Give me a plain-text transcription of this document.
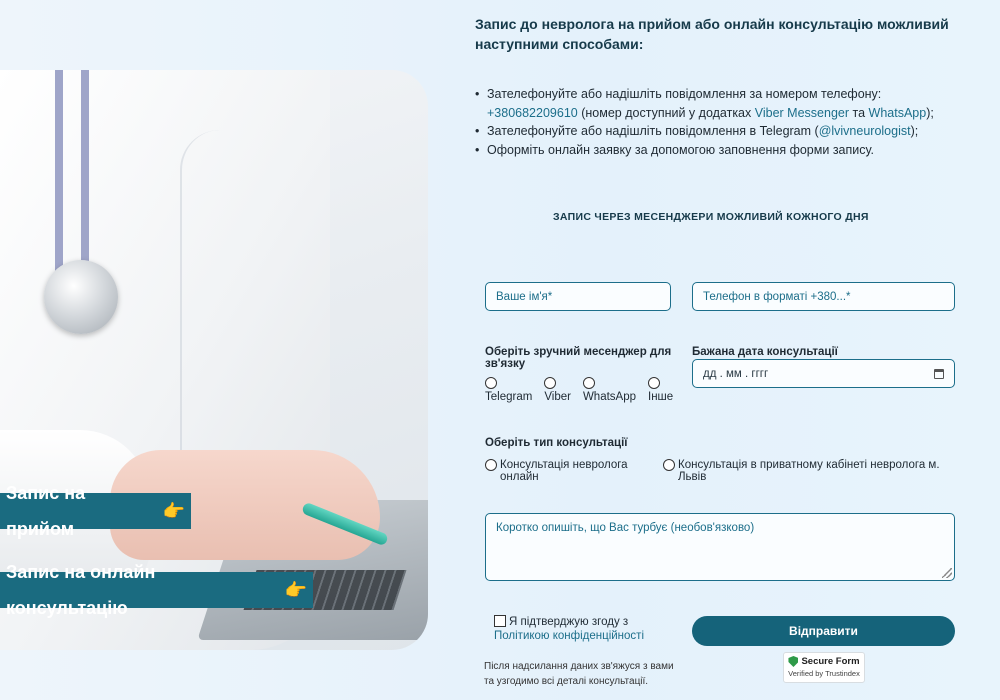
Запис на прийом
👉
Запис на онлайн консультацію
👉
Запис до невролога на прийом або онлайн консультацію можливий наступними способами:
• Зателефонуйте або надішліть повідомлення за номером телефону: +380682209610 (номер доступний у додатках Viber Messenger та WhatsApp);
• Зателефонуйте або надішліть повідомлення в Telegram (@lvivneurologist);
• Оформіть онлайн заявку за допомогою заповнення форми запису.
ЗАПИС ЧЕРЕЗ МЕСЕНДЖЕРИ МОЖЛИВИЙ КОЖНОГО ДНЯ
Ваше ім'я*
Телефон в форматі +380...*
Оберіть зручний месенджер для зв'язку
Бажана дата консультації
Telegram Viber WhatsApp Інше
дд . мм . гггг
Оберіть тип консультації
Консультація невролога онлайн
Консультація в приватному кабінеті невролога м. Львів
Коротко опишіть, що Вас турбує (необов'язково)
Я підтверджую згоду з
Політикою конфіденційності	Відправити
Після надсилання даних зв'яжуся з вами та узгодимо всі деталі консультації.
Secure Form
Verified by Trustindex
